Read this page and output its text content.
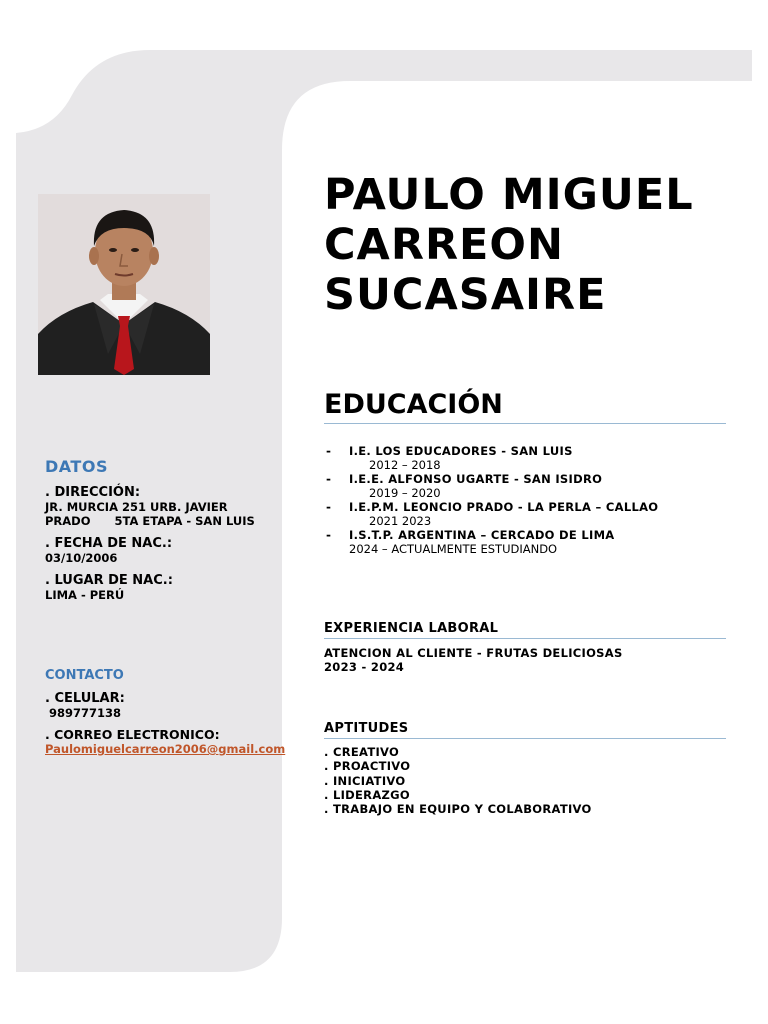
DATOS
. DIRECCIÓN:
JR. MURCIA 251 URB. JAVIER
PRADO      5TA ETAPA - SAN LUIS
. FECHA DE NAC.:
03/10/2006
. LUGAR DE NAC.:
LIMA - PERÚ
CONTACTO
. CELULAR:
989777138
. CORREO ELECTRONICO:
Paulomiguelcarreon2006@gmail.com
PAULO MIGUEL
CARREON
SUCASAIRE
EDUCACIÓN
- I.E. LOS EDUCADORES - SAN LUIS
2012 – 2018
- I.E.E. ALFONSO UGARTE - SAN ISIDRO
2019 – 2020
- I.E.P.M. LEONCIO PRADO - LA PERLA – CALLAO
2021 2023
- I.S.T.P. ARGENTINA – CERCADO DE LIMA
2024 – ACTUALMENTE ESTUDIANDO
EXPERIENCIA LABORAL
ATENCION AL CLIENTE - FRUTAS DELICIOSAS
2023 - 2024
APTITUDES
. CREATIVO
. PROACTIVO
. INICIATIVO
. LIDERAZGO
. TRABAJO EN EQUIPO Y COLABORATIVO
